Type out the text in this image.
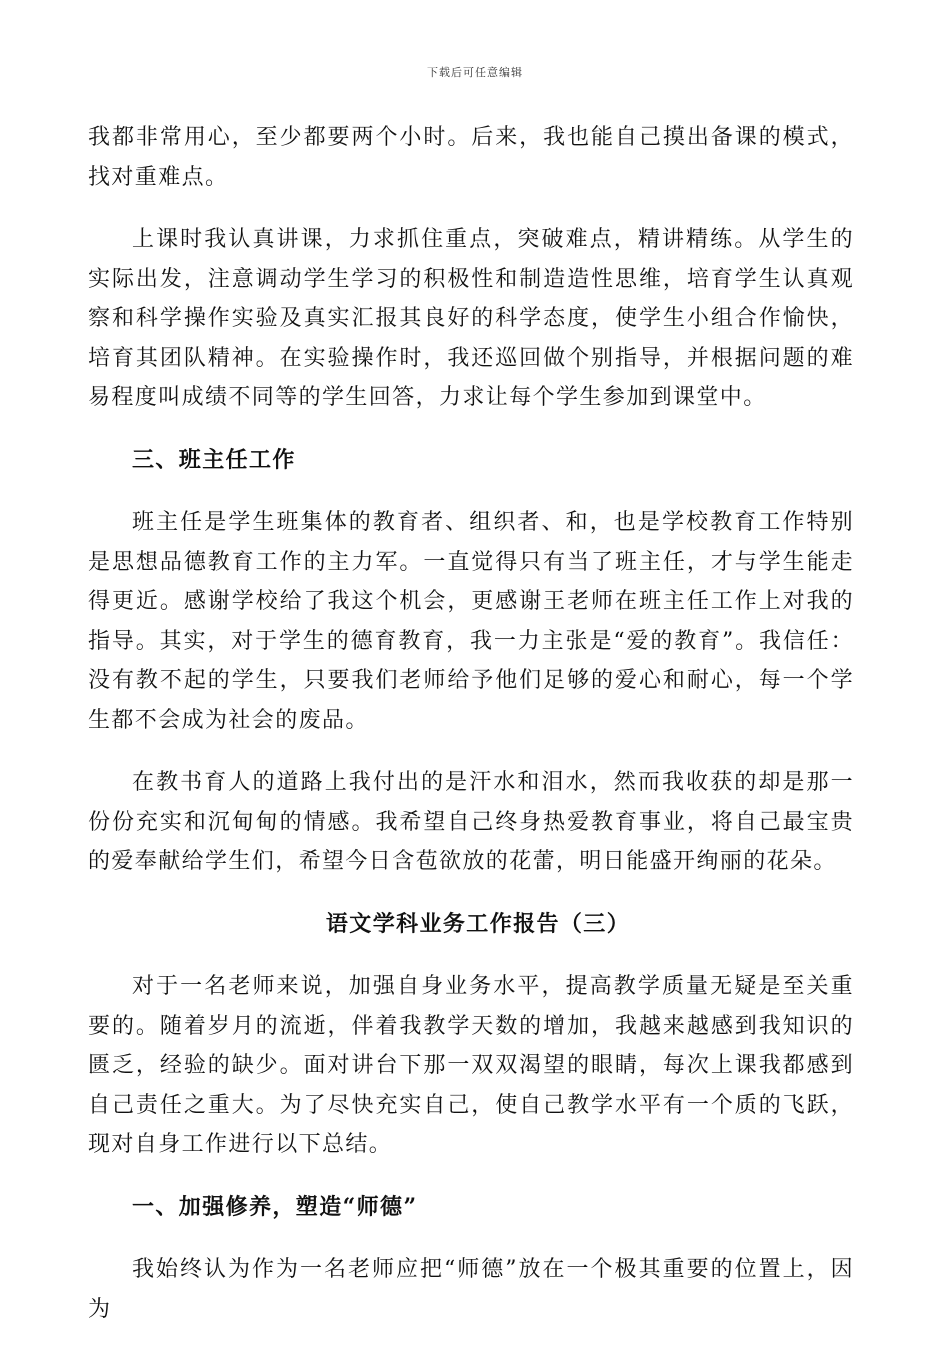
下载后可任意编辑

我都非常用心，至少都要两个小时。后来，我也能自己摸出备课的模式，找对重难点。

上课时我认真讲课，力求抓住重点，突破难点，精讲精练。从学生的实际出发，注意调动学生学习的积极性和制造造性思维，培育学生认真观察和科学操作实验及真实汇报其良好的科学态度，使学生小组合作愉快，培育其团队精神。在实验操作时，我还巡回做个别指导，并根据问题的难易程度叫成绩不同等的学生回答，力求让每个学生参加到课堂中。

三、班主任工作

班主任是学生班集体的教育者、组织者、和，也是学校教育工作特别是思想品德教育工作的主力军。一直觉得只有当了班主任，才与学生能走得更近。感谢学校给了我这个机会，更感谢王老师在班主任工作上对我的指导。其实，对于学生的德育教育，我一力主张是“爱的教育”。我信任：没有教不起的学生，只要我们老师给予他们足够的爱心和耐心，每一个学生都不会成为社会的废品。

在教书育人的道路上我付出的是汗水和泪水，然而我收获的却是那一份份充实和沉甸甸的情感。我希望自己终身热爱教育事业，将自己最宝贵的爱奉献给学生们，希望今日含苞欲放的花蕾，明日能盛开绚丽的花朵。

语文学科业务工作报告（三）

对于一名老师来说，加强自身业务水平，提高教学质量无疑是至关重要的。随着岁月的流逝，伴着我教学天数的增加，我越来越感到我知识的匮乏，经验的缺少。面对讲台下那一双双渴望的眼睛，每次上课我都感到自己责任之重大。为了尽快充实自己，使自己教学水平有一个质的飞跃，现对自身工作进行以下总结。

一、加强修养，塑造“师德”

我始终认为作为一名老师应把“师德”放在一个极其重要的位置上，因为
